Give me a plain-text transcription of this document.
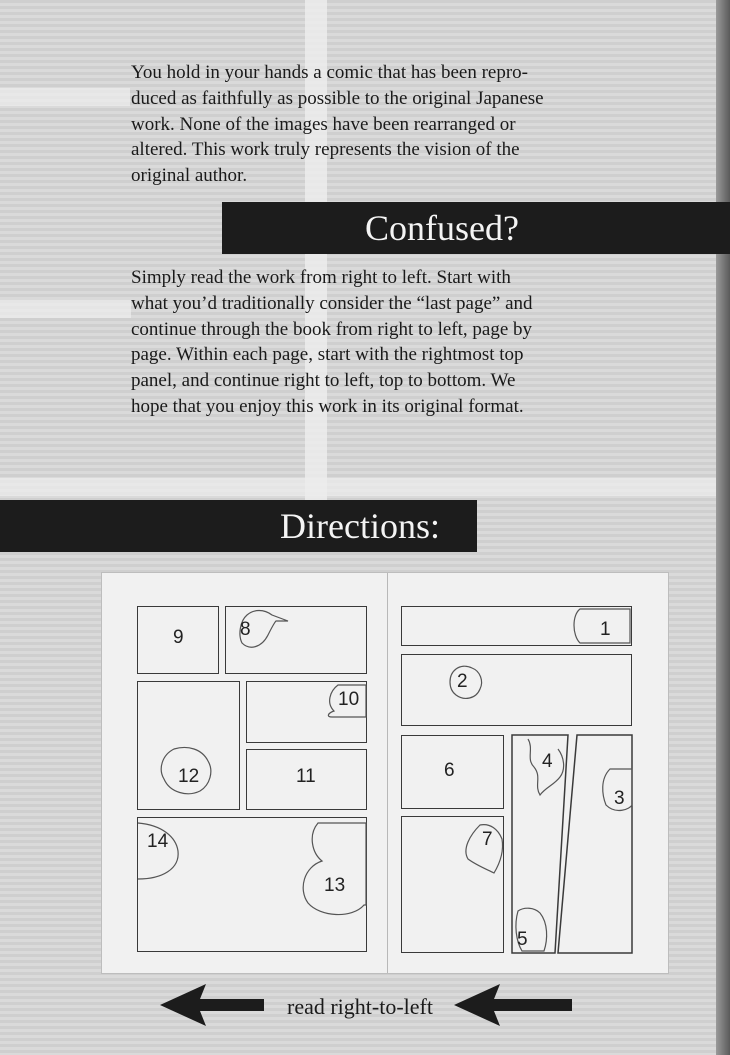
You hold in your hands a comic that has been repro-
duced as faithfully as possible to the original Japanese
work. None of the images have been rearranged or
altered. This work truly represents the vision of the
original author.

Confused?

Simply read the work from right to left. Start with
what you’d traditionally consider the “last page” and
continue through the book from right to left, page by
page. Within each page, start with the rightmost top
panel, and continue right to left, top to bottom. We
hope that you enjoy this work in its original format.

Directions:
9	8
10
11
12
14
13
1
2
6	4
3
7
5
read right-to-left
